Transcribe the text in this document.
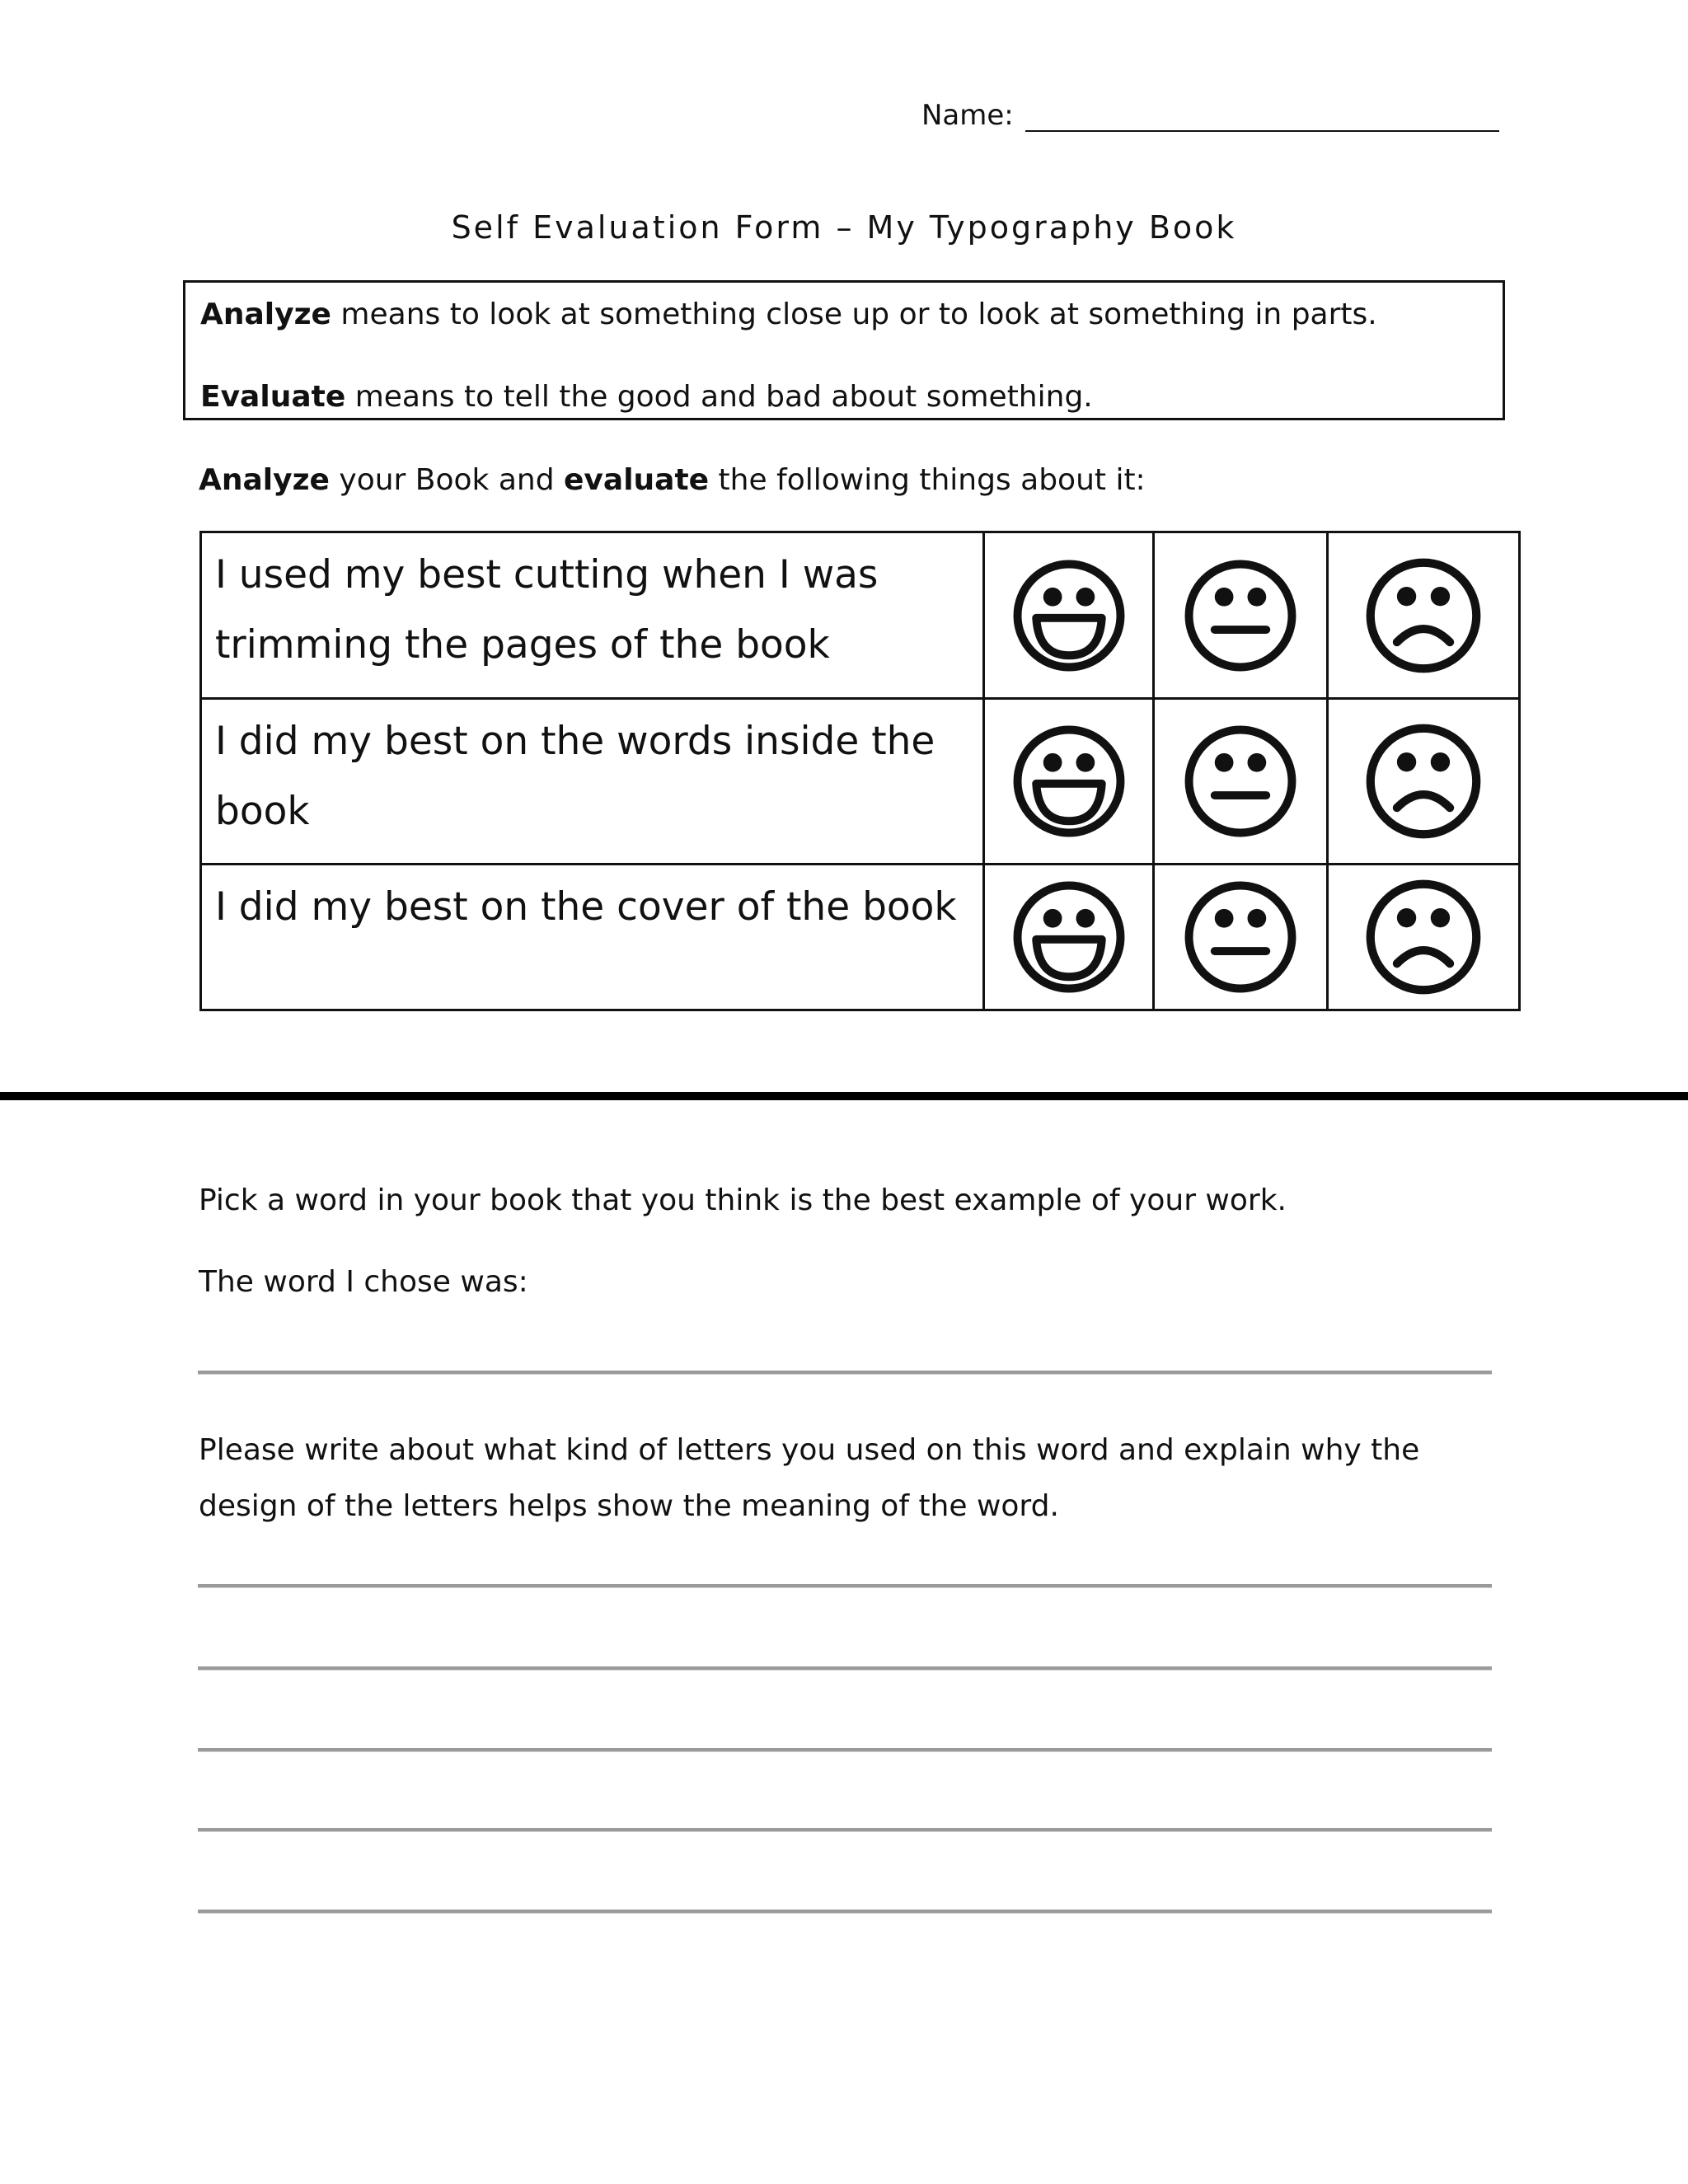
Name:
Self Evaluation Form – My Typography Book

Analyze means to look at something close up or to look at something in parts.

Evaluate means to tell the good and bad about something.

Analyze your Book and evaluate the following things about it:
I used my best cutting when I was trimming the pages of the book	

I did my best on the words inside the book	

I did my best on the cover of the book	

Pick a word in your book that you think is the best example of your work.
The word I chose was:
Please write about what kind of letters you used on this word and explain why the
design of the letters helps show the meaning of the word.
